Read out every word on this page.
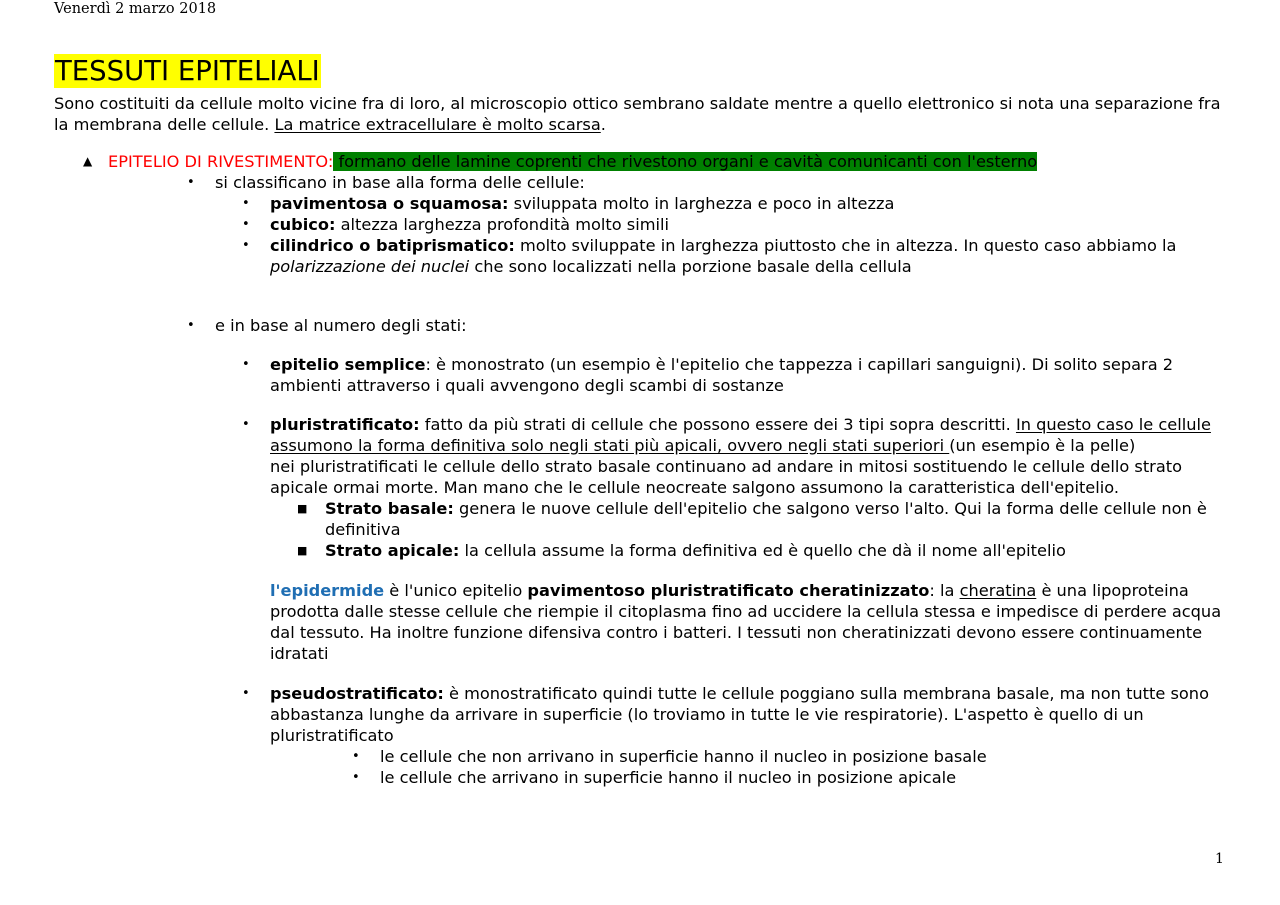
Venerdì 2 marzo 2018

TESSUTI EPITELIALI

Sono costituiti da cellule molto vicine fra di loro, al microscopio ottico sembrano saldate mentre a quello elettronico si nota una separazione fra la membrana delle cellule. La matrice extracellulare è molto scarsa.

▲ EPITELIO DI RIVESTIMENTO: formano delle lamine coprenti che rivestono organi e cavità comunicanti con l'esterno
• si classificano in base alla forma delle cellule:
• pavimentosa o squamosa: sviluppata molto in larghezza e poco in altezza
• cubico: altezza larghezza profondità molto simili
• cilindrico o batiprismatico: molto sviluppate in larghezza piuttosto che in altezza. In questo caso abbiamo la polarizzazione dei nuclei che sono localizzati nella porzione basale della cellula
• e in base al numero degli stati:
• epitelio semplice: è monostrato (un esempio è l'epitelio che tappezza i capillari sanguigni). Di solito separa 2 ambienti attraverso i quali avvengono degli scambi di sostanze
• pluristratificato: fatto da più strati di cellule che possono essere dei 3 tipi sopra descritti. In questo caso le cellule assumono la forma definitiva solo negli stati più apicali, ovvero negli stati superiori (un esempio è la pelle)

nei pluristratificati le cellule dello strato basale continuano ad andare in mitosi sostituendo le cellule dello strato apicale ormai morte. Man mano che le cellule neocreate salgono assumono la caratteristica dell'epitelio.

■ Strato basale: genera le nuove cellule dell'epitelio che salgono verso l'alto. Qui la forma delle cellule non è definitiva
■ Strato apicale: la cellula assume la forma definitiva ed è quello che dà il nome all'epitelio

l'epidermide è l'unico epitelio pavimentoso pluristratificato cheratinizzato: la cheratina è una lipoproteina prodotta dalle stesse cellule che riempie il citoplasma fino ad uccidere la cellula stessa e impedisce di perdere acqua dal tessuto. Ha inoltre funzione difensiva contro i batteri. I tessuti non cheratinizzati devono essere continuamente idratati

• pseudostratificato: è monostratificato quindi tutte le cellule poggiano sulla membrana basale, ma non tutte sono abbastanza lunghe da arrivare in superficie (lo troviamo in tutte le vie respiratorie). L'aspetto è quello di un pluristratificato
• le cellule che non arrivano in superficie hanno il nucleo in posizione basale
• le cellule che arrivano in superficie hanno il nucleo in posizione apicale
1
